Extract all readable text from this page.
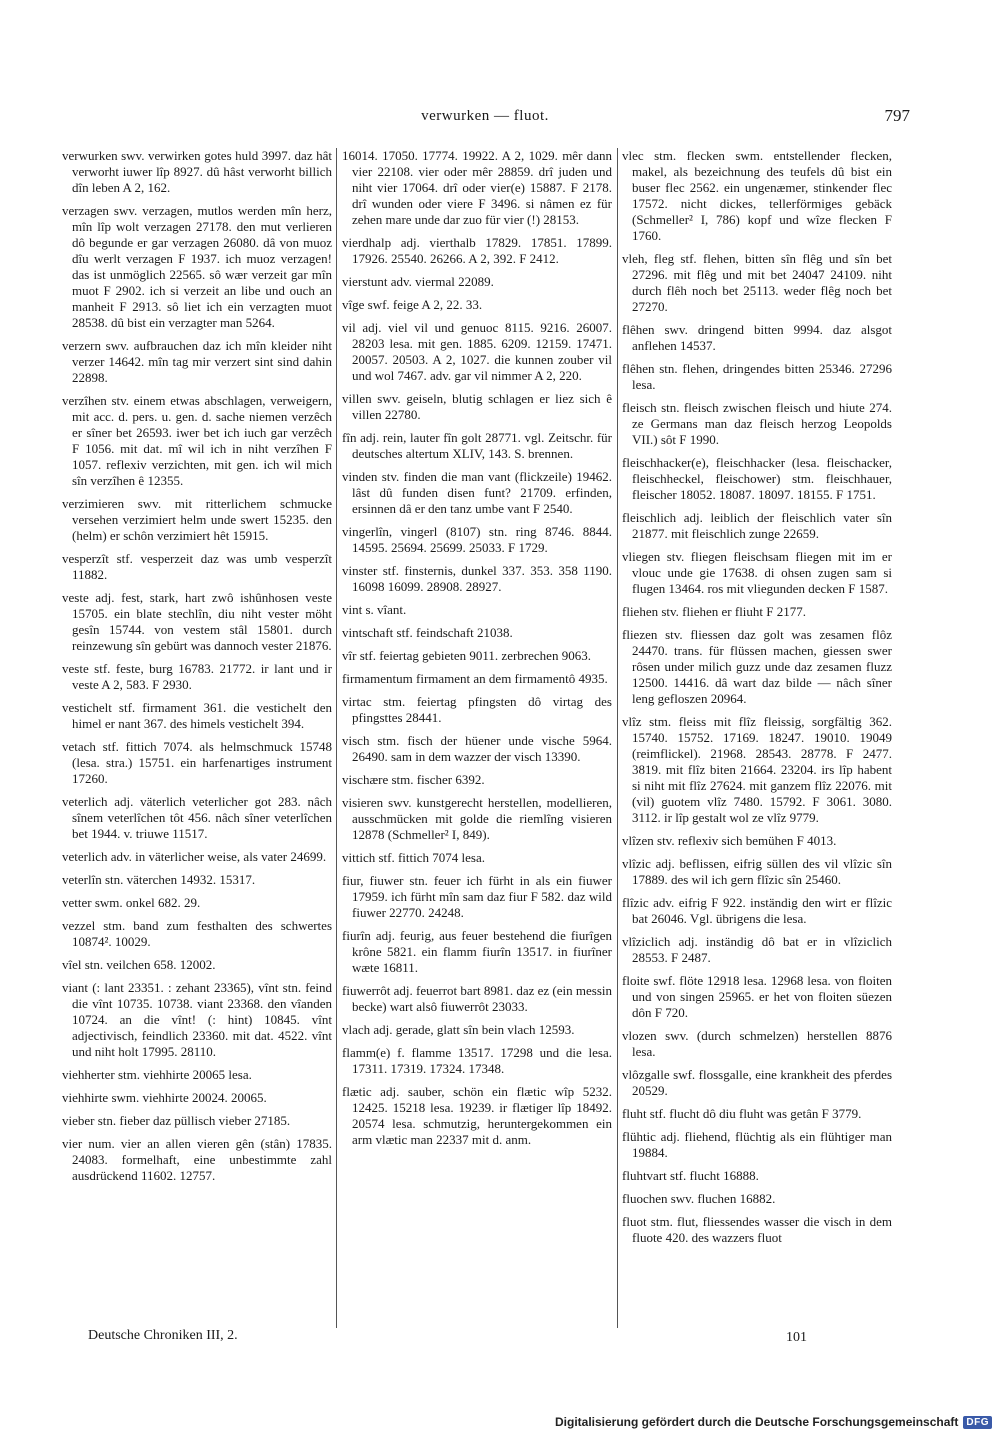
verwurken — fluot.	797

verwurken swv. verwirken gotes huld 3997. daz hât verworht iuwer lîp 8927. dû hâst verworht billich dîn leben A 2, 162.

verzagen swv. verzagen, mutlos werden mîn herz, mîn lîp wolt verzagen 27178. den mut verlieren dô begunde er gar verzagen 26080. dâ von muoz dîu werlt verzagen F 1937. ich muoz verzagen! das ist unmöglich 22565. sô wær verzeit gar mîn muot F 2902. ich si verzeit an libe und ouch an manheit F 2913. sô liet ich ein verzagten muot 28538. dû bist ein verzagter man 5264.

verzern swv. aufbrauchen daz ich mîn kleider niht verzer 14642. mîn tag mir verzert sint sind dahin 22898.

verzîhen stv. einem etwas abschlagen, verweigern, mit acc. d. pers. u. gen. d. sache niemen verzêch er sîner bet 26593. iwer bet ich iuch gar verzêch F 1056. mit dat. mî wil ich in niht verzîhen F 1057. reflexiv verzichten, mit gen. ich wil mich sîn verzîhen ê 12355.

verzimieren swv. mit ritterlichem schmucke versehen verzimiert helm unde swert 15235. den (helm) er schôn verzimiert hêt 15915.

vesperzît stf. vesperzeit daz was umb vesperzît 11882.

veste adj. fest, stark, hart zwô ishûnhosen veste 15705. ein blate stechlîn, diu niht vester möht gesîn 15744. von vestem stâl 15801. durch reinzewung sîn gebürt was dannoch vester 21876.

veste stf. feste, burg 16783. 21772. ir lant und ir veste A 2, 583. F 2930.

vestichelt stf. firmament 361. die vestichelt den himel er nant 367. des himels vestichelt 394.

vetach stf. fittich 7074. als helmschmuck 15748 (lesa. stra.) 15751. ein harfenartiges instrument 17260.

veterlich adj. väterlich veterlicher got 283. nâch sînem veterlîchen tôt 456. nâch sîner veterlîchen bet 1944. v. triuwe 11517.

veterlich adv. in väterlicher weise, als vater 24699.

veterlîn stn. väterchen 14932. 15317.

vetter swm. onkel 682. 29.

vezzel stm. band zum festhalten des schwertes 10874². 10029.

vîel stn. veilchen 658. 12002.

viant (: lant 23351. : zehant 23365), vînt stn. feind die vînt 10735. 10738. viant 23368. den vîanden 10724. an die vînt! (: hint) 10845. vînt adjectivisch, feindlich 23360. mit dat. 4522. vînt und niht holt 17995. 28110.

viehherter stm. viehhirte 20065 lesa.

viehhirte swm. viehhirte 20024. 20065.

vieber stn. fieber daz püllisch vieber 27185.

vier num. vier an allen vieren gên (stân) 17835. 24083. formelhaft, eine unbestimmte zahl ausdrückend 11602. 12757.

16014. 17050. 17774. 19922. A 2, 1029. mêr dann vier 22108. vier oder mêr 28859. drî juden und niht vier 17064. drî oder vier(e) 15887. F 2178. drî wunden oder viere F 3496. si nâmen ez für zehen mare unde dar zuo für vier (!) 28153.

vierdhalp adj. vierthalb 17829. 17851. 17899. 17926. 25540. 26266. A 2, 392. F 2412.

vierstunt adv. viermal 22089.

vîge swf. feige A 2, 22. 33.

vil adj. viel vil und genuoc 8115. 9216. 26007. 28203 lesa. mit gen. 1885. 6209. 12159. 17471. 20057. 20503. A 2, 1027. die kunnen zouber vil und wol 7467. adv. gar vil nimmer A 2, 220.

villen swv. geiseln, blutig schlagen er liez sich ê villen 22780.

fîn adj. rein, lauter fîn golt 28771. vgl. Zeitschr. für deutsches altertum XLIV, 143. S. brennen.

vinden stv. finden die man vant (flickzeile) 19462. lâst dû funden disen funt? 21709. erfinden, ersinnen dâ er den tanz umbe vant F 2540.

vingerlîn, vingerl (8107) stn. ring 8746. 8844. 14595. 25694. 25699. 25033. F 1729.

vinster stf. finsternis, dunkel 337. 353. 358 1190. 16098 16099. 28908. 28927.

vint s. vîant.

vintschaft stf. feindschaft 21038.

vîr stf. feiertag gebieten 9011. zerbrechen 9063.

firmamentum firmament an dem firmamentô 4935.

virtac stm. feiertag pfingsten dô virtag des pfingsttes 28441.

visch stm. fisch der hüener unde vische 5964. 26490. sam in dem wazzer der visch 13390.

vischære stm. fischer 6392.

visieren swv. kunstgerecht herstellen, modellieren, ausschmücken mit golde die riemlîng visieren 12878 (Schmeller² I, 849).

vittich stf. fittich 7074 lesa.

fiur, fiuwer stn. feuer ich fürht in als ein fiuwer 17959. ich fürht mîn sam daz fiur F 582. daz wild fiuwer 22770. 24248.

fiurîn adj. feurig, aus feuer bestehend die fiurîgen krône 5821. ein flamm fiurîn 13517. in fiurîner wæte 16811.

fiuwerrôt adj. feuerrot bart 8981. daz ez (ein messin becke) wart alsô fiuwerrôt 23033.

vlach adj. gerade, glatt sîn bein vlach 12593.

flamm(e) f. flamme 13517. 17298 und die lesa. 17311. 17319. 17324. 17348.

flætic adj. sauber, schön ein flætic wîp 5232. 12425. 15218 lesa. 19239. ir flætiger lîp 18492. 20574 lesa. schmutzig, heruntergekommen ein arm vlætic man 22337 mit d. anm.

vlec stm. flecken swm. entstellender flecken, makel, als bezeichnung des teufels dû bist ein buser flec 2562. ein ungenæmer, stinkender flec 17572. nicht dickes, tellerförmiges gebäck (Schmeller² I, 786) kopf und wîze flecken F 1760.

vleh, fleg stf. flehen, bitten sîn flêg und sîn bet 27296. mit flêg und mit bet 24047 24109. niht durch flêh noch bet 25113. weder flêg noch bet 27270.

flêhen swv. dringend bitten 9994. daz alsgot anflehen 14537.

flêhen stn. flehen, dringendes bitten 25346. 27296 lesa.

fleisch stn. fleisch zwischen fleisch und hiute 274. ze Germans man daz fleisch herzog Leopolds VII.) sôt F 1990.

fleischhacker(e), fleischhacker (lesa. fleischacker, fleischheckel, fleischower) stm. fleischhauer, fleischer 18052. 18087. 18097. 18155. F 1751.

fleischlich adj. leiblich der fleischlich vater sîn 21877. mit fleischlich zunge 22659.

vliegen stv. fliegen fleischsam fliegen mit im er vlouc unde gie 17638. di ohsen zugen sam si flugen 13464. ros mit vliegunden decken F 1587.

fliehen stv. fliehen er fliuht F 2177.

fliezen stv. fliessen daz golt was zesamen flôz 24470. trans. für flüssen machen, giessen swer rôsen under milich guzz unde daz zesamen fluzz 12500. 14416. dâ wart daz bilde — nâch sîner leng gefloszen 20964.

vlîz stm. fleiss mit flîz fleissig, sorgfältig 362. 15740. 15752. 17169. 18247. 19010. 19049 (reimflickel). 21968. 28543. 28778. F 2477. 3819. mit flîz biten 21664. 23204. irs lîp habent si niht mit flîz 27624. mit ganzem flîz 22076. mit (vil) guotem vlîz 7480. 15792. F 3061. 3080. 3112. ir lîp gestalt wol ze vlîz 9779.

vlîzen stv. reflexiv sich bemühen F 4013.

vlîzic adj. beflissen, eifrig süllen des vil vlîzic sîn 17889. des wil ich gern flîzic sîn 25460.

flîzic adv. eifrig F 922. inständig den wirt er flîzic bat 26046. Vgl. übrigens die lesa.

vlîziclich adj. inständig dô bat er in vlîziclich 28553. F 2487.

floite swf. flöte 12918 lesa. 12968 lesa. von floiten und von singen 25965. er het von floiten süezen dôn F 720.

vlozen swv. (durch schmelzen) herstellen 8876 lesa.

vlôzgalle swf. flossgalle, eine krankheit des pferdes 20529.

fluht stf. flucht dô diu fluht was getân F 3779.

flühtic adj. fliehend, flüchtig als ein flühtiger man 19884.

fluhtvart stf. flucht 16888.

fluochen swv. fluchen 16882.

fluot stm. flut, fliessendes wasser die visch in dem fluote 420. des wazzers fluot

Deutsche Chroniken III, 2.	101
Digitalisierung gefördert durch die Deutsche Forschungsgemeinschaft DFG
